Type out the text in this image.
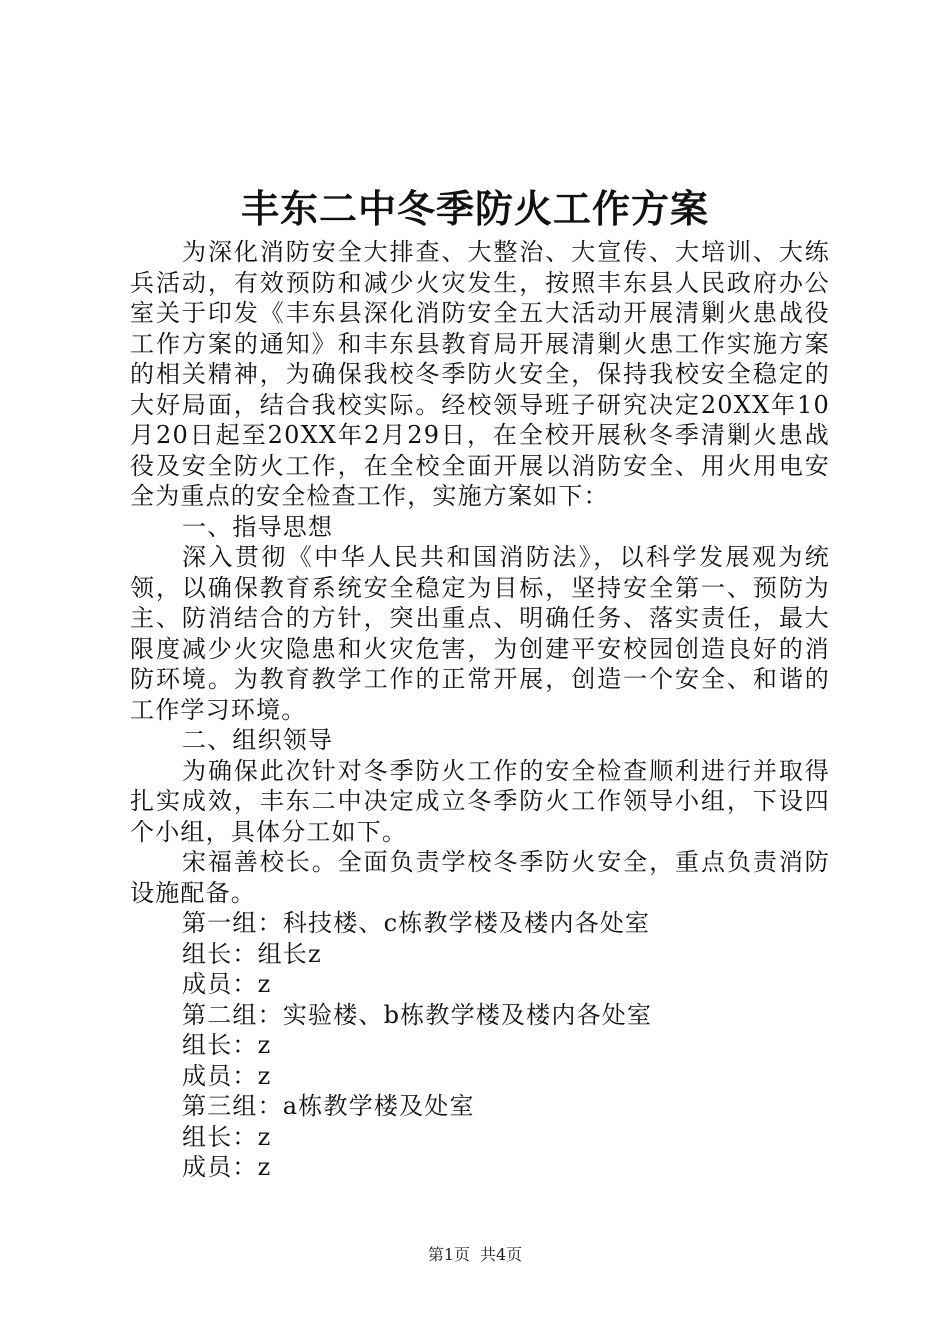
丰东二中冬季防火工作方案

为深化消防安全大排查、大整治、大宣传、大培训、大练兵活动，有效预防和减少火灾发生，按照丰东县人民政府办公室关于印发《丰东县深化消防安全五大活动开展清剿火患战役工作方案的通知》和丰东县教育局开展清剿火患工作实施方案的相关精神，为确保我校冬季防火安全，保持我校安全稳定的大好局面，结合我校实际。经校领导班子研究决定20XX年10月20日起至20XX年2月29日，在全校开展秋冬季清剿火患战役及安全防火工作，在全校全面开展以消防安全、用火用电安全为重点的安全检查工作，实施方案如下：

一、指导思想

深入贯彻《中华人民共和国消防法》，以科学发展观为统领，以确保教育系统安全稳定为目标，坚持安全第一、预防为主、防消结合的方针，突出重点、明确任务、落实责任，最大限度减少火灾隐患和火灾危害，为创建平安校园创造良好的消防环境。为教育教学工作的正常开展，创造一个安全、和谐的工作学习环境。

二、组织领导

为确保此次针对冬季防火工作的安全检查顺利进行并取得扎实成效，丰东二中决定成立冬季防火工作领导小组，下设四个小组，具体分工如下。

宋福善校长。全面负责学校冬季防火安全，重点负责消防设施配备。

第一组：科技楼、c栋教学楼及楼内各处室

组长：组长z

成员：z

第二组：实验楼、b栋教学楼及楼内各处室

组长：z

成员：z

第三组：a栋教学楼及处室

组长：z

成员：z

第1页 共4页
